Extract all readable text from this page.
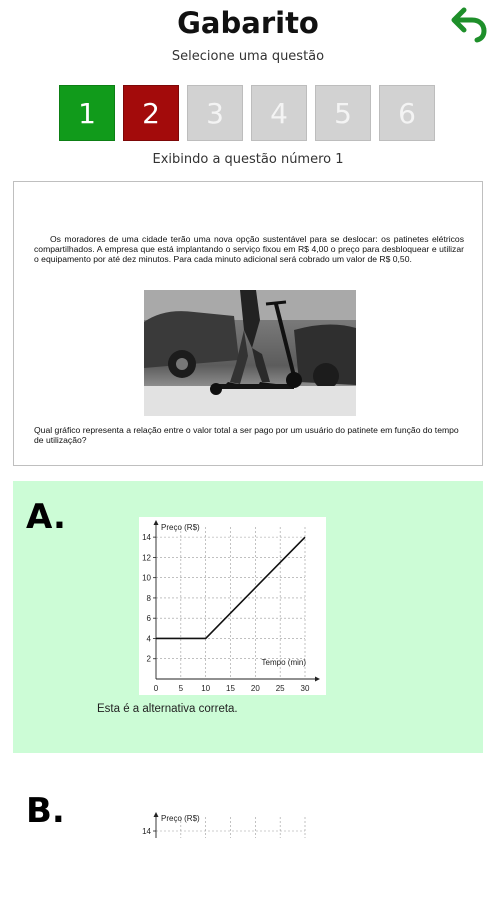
Gabarito
Selecione uma questão
1	2	3	4	5	6
Exibindo a questão número 1
Os moradores de uma cidade terão uma nova opção sustentável para se deslocar: os patinetes elétricos compartilhados. A empresa que está implantando o serviço fixou em R$ 4,00 o preço para desbloquear e utilizar o equipamento por até dez minutos. Para cada minuto adicional será cobrado um valor de R$ 0,50.
Qual gráfico representa a relação entre o valor total a ser pago por um usuário do patinete em função do tempo de utilização?
A.
0	5 10 15 20 25 30
2
4
6
8
10
12
14
Preço (R$)
Tempo (min)
Esta é a alternativa correta.
B.
14
Preço (R$)
